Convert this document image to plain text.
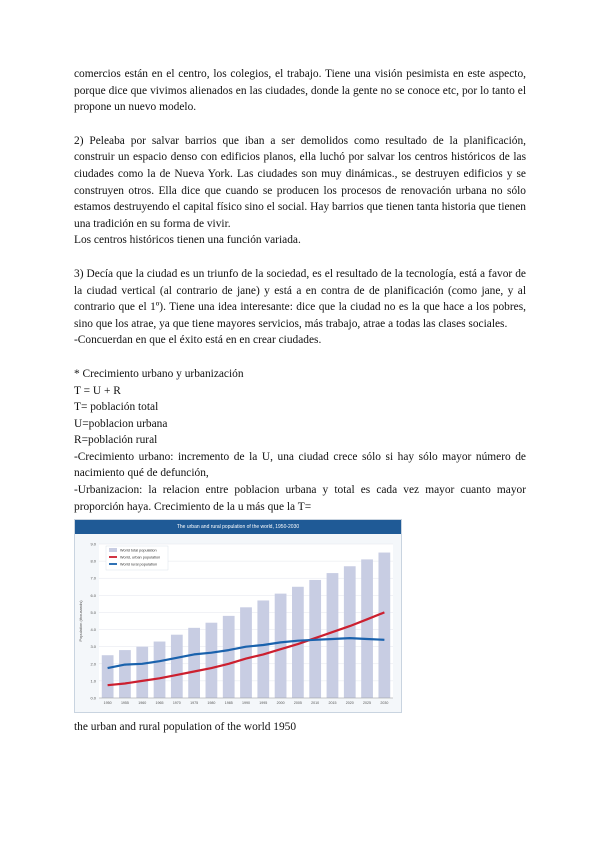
comercios están en el centro, los colegios, el trabajo. Tiene una visión pesimista en este aspecto, porque dice que vivimos alienados en las ciudades, donde la gente no se conoce etc, por lo tanto el propone un nuevo modelo.

2) Peleaba por salvar barrios que iban a ser demolidos como resultado de la planificación, construir un espacio denso con edificios planos, ella luchó por salvar los centros históricos de las ciudades como la de Nueva York. Las ciudades son muy dinámicas., se destruyen edificios y se construyen otros. Ella dice que cuando se producen los procesos de renovación urbana no sólo estamos destruyendo el capital físico sino el social. Hay barrios que tienen tanta historia que tienen una tradición en su forma de vivir.

Los centros históricos tienen una función variada.

3) Decía que la ciudad es un triunfo de la sociedad, es el resultado de la tecnología, está a favor de la ciudad vertical (al contrario de jane) y está a en contra de de planificación (como jane, y al contrario que el 1º). Tiene una idea interesante: dice que la ciudad no es la que hace a los pobres, sino que los atrae, ya que tiene mayores servicios, más trabajo, atrae a todas las clases sociales.

-Concuerdan en que el éxito está en en crear ciudades.

* Crecimiento urbano y urbanización

T = U + R

T= población total

U=poblacion urbana

R=población rural

-Crecimiento urbano: incremento de la U, una ciudad crece sólo si hay sólo mayor número de nacimiento qué de defunción,

-Urbanizacion: la relacion entre poblacion urbana y total es cada vez mayor cuanto mayor proporción haya. Crecimiento de la u más que la T=

The urban and rural population of the world, 1950-2030
0.0
1.0
2.0
3.0
4.0
5.0
6.0
7.0
8.0
9.0
Population (thousands)
1950	1955	1960	1965	1970	1975	1980	1985	1990	1995	2000	2005	2010	2015	2020	2025	2030
World total population
World, urban population
World rural population
the urban and rural population of the world 1950
